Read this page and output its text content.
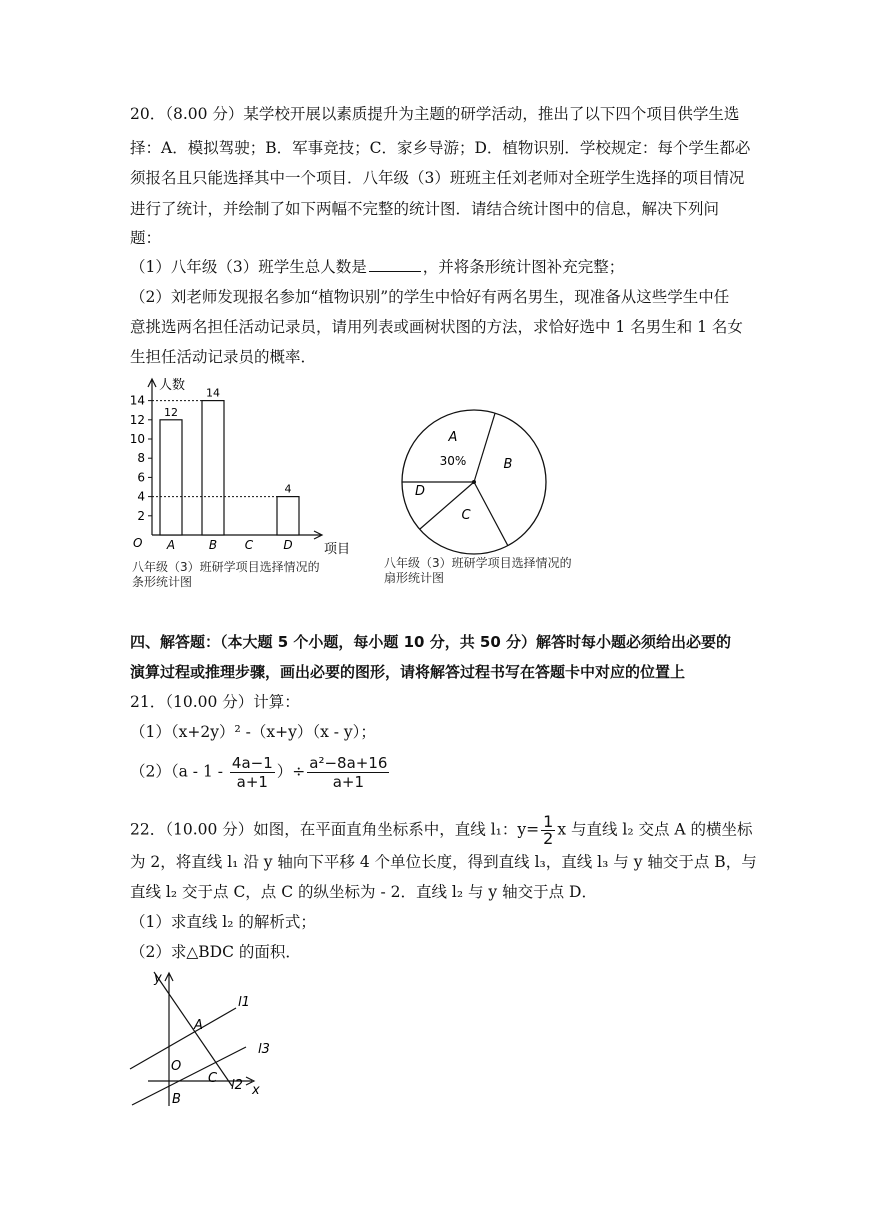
20．（8.00 分）某学校开展以素质提升为主题的研学活动，推出了以下四个项目供学生选
择：A．模拟驾驶；B．军事竞技；C．家乡导游；D．植物识别．学校规定：每个学生都必
须报名且只能选择其中一个项目．八年级（3）班班主任刘老师对全班学生选择的项目情况
进行了统计，并绘制了如下两幅不完整的统计图．请结合统计图中的信息，解决下列问
题：
（1）八年级（3）班学生总人数是	，并将条形统计图补充完整；
（2）刘老师发现报名参加“植物识别”的学生中恰好有两名男生，现准备从这些学生中任
意挑选两名担任活动记录员，请用列表或画树状图的方法，求恰好选中 1 名男生和 1 名女
生担任活动记录员的概率．
人数
项目
O
2
4
6
8
10
12
14
12
A
14
B C
4
D
八年级（3）班研学项目选择情况的
条形统计图
A
30%	B
C
D
八年级（3）班研学项目选择情况的
扇形统计图
四、解答题：（本大题 5 个小题，每小题 10 分，共 50 分）解答时每小题必须给出必要的
演算过程或推理步骤，画出必要的图形，请将解答过程书写在答题卡中对应的位置上
21．（10.00 分）计算：
（1）（x+2y）² -（x+y）（x - y）；
$(2)(a - 1 - \frac{4a-1}{a+1}$ ）÷ $\frac{\text{a²−8a+16}}{a+1}$
22．（10.00 分）如图，在平面直角坐标系中，直线 l₁：$y= \frac{1}{2}$ x 与直线 l₂ 交点 A 的横坐标
为 2，将直线 l₁ 沿 y 轴向下平移 4 个单位长度，得到直线 l₃，直线 l₃ 与 y 轴交于点 B，与
直线 l₂ 交于点 C，点 C 的纵坐标为 - 2．直线 l₂ 与 y 轴交于点 D．
（1）求直线 l₂ 的解析式；
（2）求△BDC 的面积．
y
x
O
A
B
C
l1
l3
l2
